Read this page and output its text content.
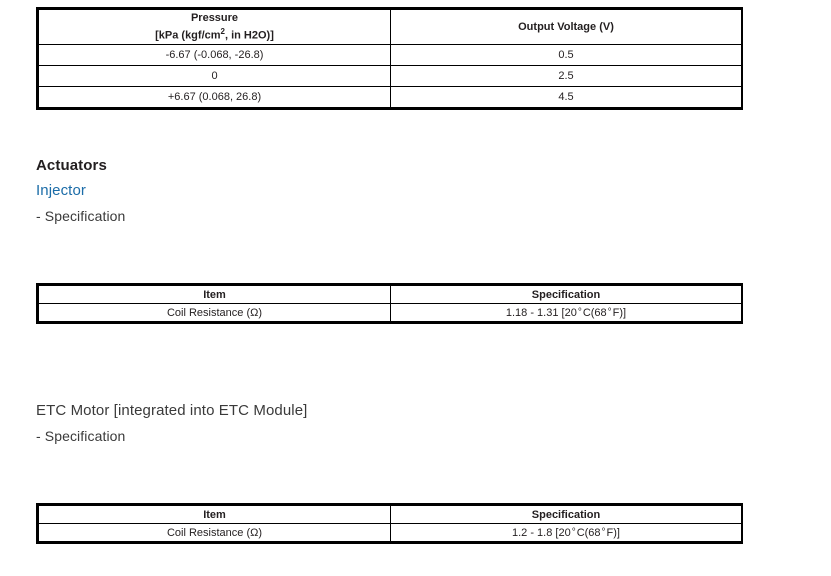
Pressure
[kPa ($kgf/cm^2$, in H2O)]	Output Voltage (V)
-6.67 (-0.068, -26.8)	0.5
0	2.5
+6.67 (0.068, 26.8)	4.5
Actuators
Injector
- Specification
Item	Specification
Coil Resistance (Ω)	1.18 - 1.31 [20°C(68°F)]
ETC Motor [integrated into ETC Module]
- Specification
Item	Specification
Coil Resistance (Ω)	1.2 - 1.8 [20°C(68°F)]
